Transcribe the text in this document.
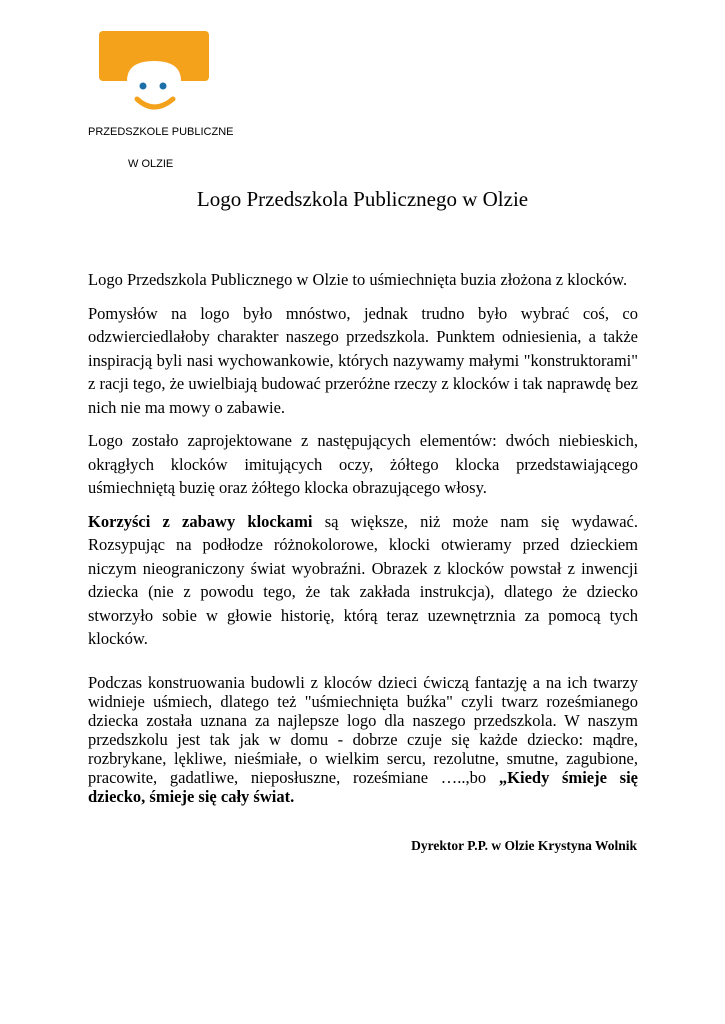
PRZEDSZKOLE PUBLICZNE

W OLZIE

Logo Przedszkola Publicznego w Olzie

Logo Przedszkola Publicznego w Olzie to uśmiechnięta buzia złożona z klocków.

Pomysłów na logo było mnóstwo, jednak trudno było wybrać coś, co odzwierciedlałoby charakter naszego przedszkola. Punktem odniesienia, a także inspiracją byli nasi wychowankowie, których nazywamy małymi "konstruktorami" z racji tego, że uwielbiają budować przeróżne rzeczy z klocków i tak naprawdę bez nich nie ma mowy o zabawie.

Logo zostało zaprojektowane z następujących elementów: dwóch niebieskich, okrągłych klocków imitujących oczy, żółtego klocka przedstawiającego uśmiechniętą buzię oraz żółtego klocka obrazującego włosy.

Korzyści z zabawy klockami są większe, niż może nam się wydawać. Rozsypując na podłodze różnokolorowe, klocki otwieramy przed dzieckiem niczym nieograniczony świat wyobraźni. Obrazek z klocków powstał z inwencji dziecka (nie z powodu tego, że tak zakłada instrukcja), dlatego że dziecko stworzyło sobie w głowie historię, którą teraz uzewnętrznia za pomocą tych klocków.

Podczas konstruowania budowli z kloców dzieci ćwiczą fantazję a na ich twarzy widnieje uśmiech, dlatego też "uśmiechnięta buźka" czyli twarz roześmianego dziecka została uznana za najlepsze logo dla naszego przedszkola. W naszym przedszkolu jest tak jak w domu - dobrze czuje się każde dziecko: mądre, rozbrykane, lękliwe, nieśmiałe, o wielkim sercu, rezolutne, smutne, zagubione, pracowite, gadatliwe, nieposłuszne, roześmiane …..,bo „Kiedy śmieje się dziecko, śmieje się cały świat.

Dyrektor P.P. w Olzie Krystyna Wolnik
